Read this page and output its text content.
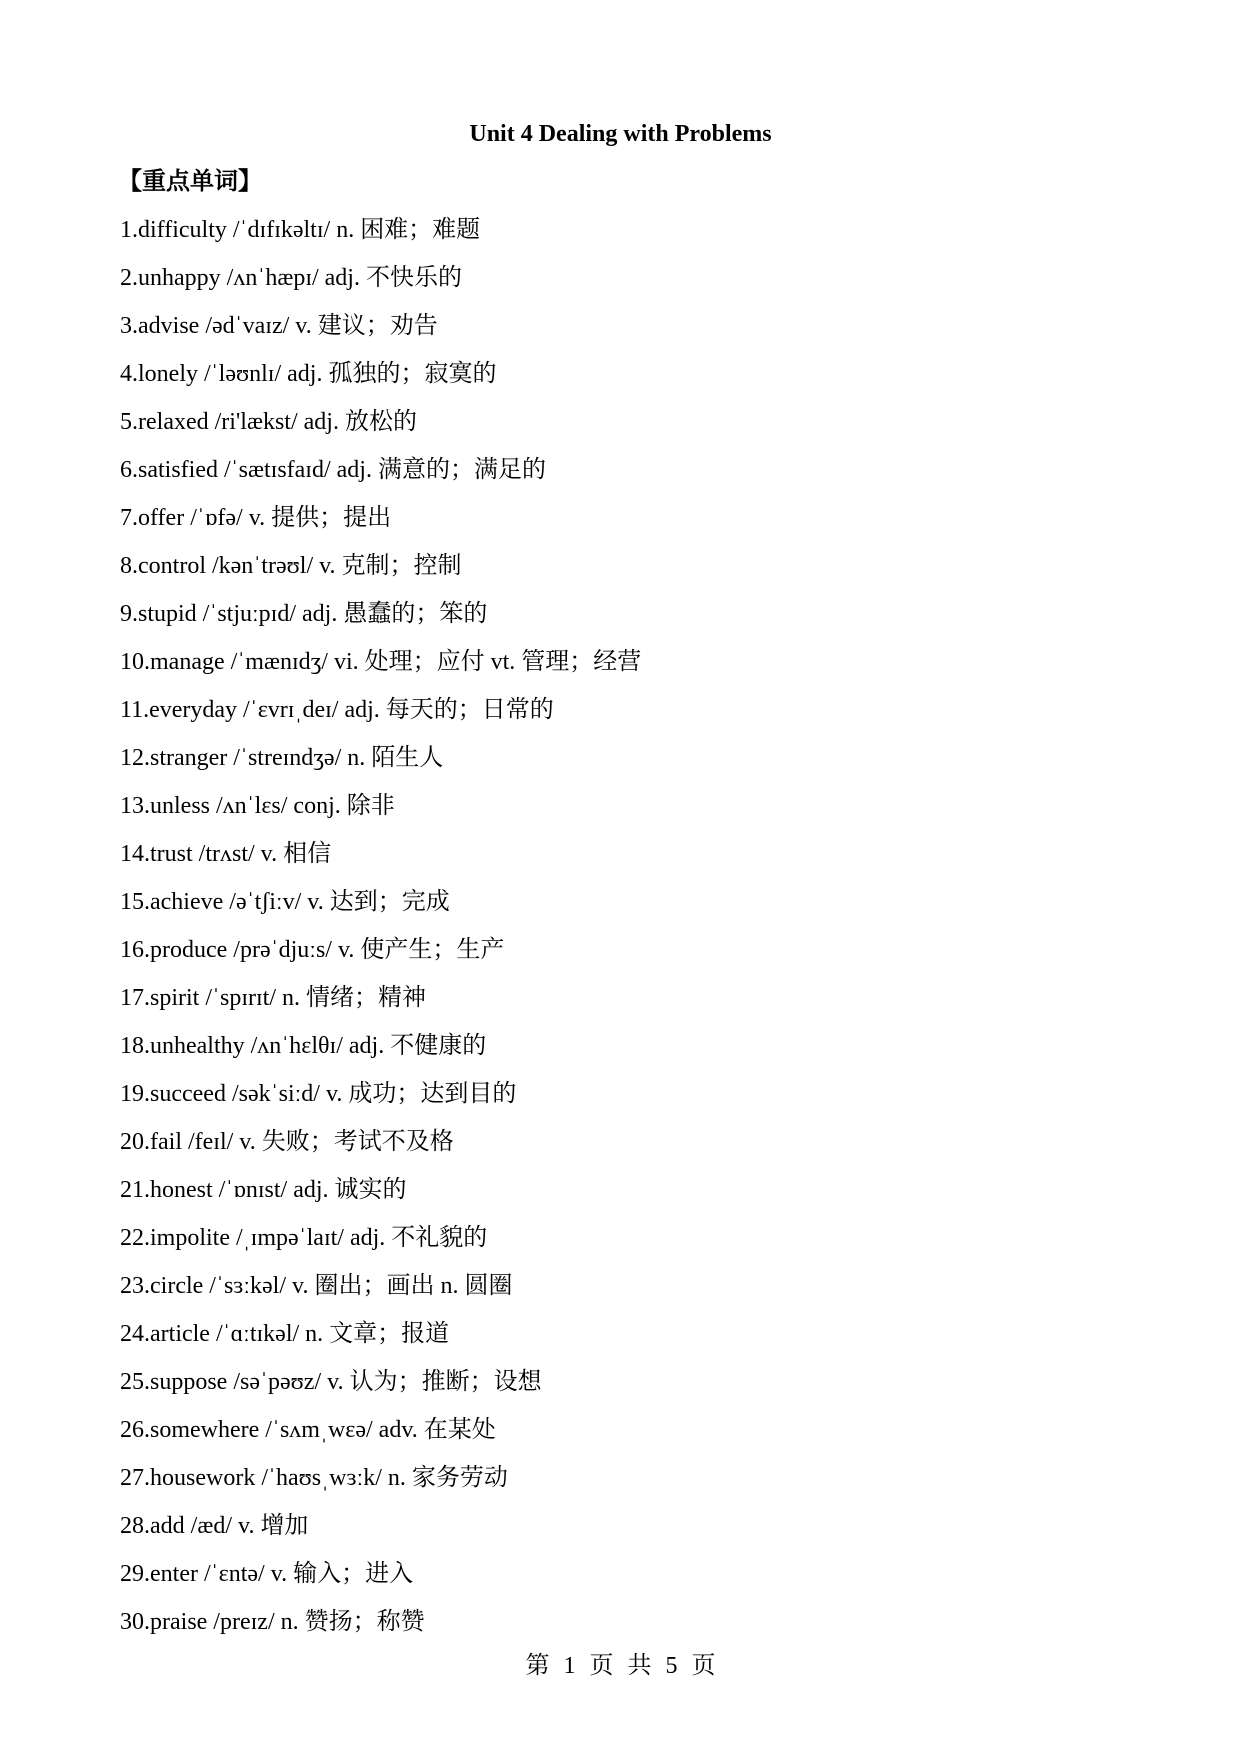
Unit 4 Dealing with Problems
【重点单词】
1.difficulty /ˈdɪfɪkəltɪ/ n. 困难；难题
2.unhappy /ʌnˈhæpɪ/ adj. 不快乐的
3.advise /ədˈvaɪz/ v. 建议；劝告
4.lonely /ˈləʊnlɪ/ adj. 孤独的；寂寞的
5.relaxed /ri'lækst/ adj. 放松的
6.satisfied /ˈsætɪsfaɪd/ adj. 满意的；满足的
7.offer /ˈɒfə/ v. 提供；提出
8.control /kənˈtrəʊl/ v. 克制；控制
9.stupid /ˈstjuːpɪd/ adj. 愚蠢的；笨的
10.manage /ˈmænɪdʒ/ vi. 处理；应付 vt. 管理；经营
11.everyday /ˈɛvrɪˌdeɪ/ adj. 每天的；日常的
12.stranger /ˈstreɪndʒə/ n. 陌生人
13.unless /ʌnˈlɛs/ conj. 除非
14.trust /trʌst/ v. 相信
15.achieve /əˈtʃiːv/ v. 达到；完成
16.produce /prəˈdjuːs/ v. 使产生；生产
17.spirit /ˈspɪrɪt/ n. 情绪；精神
18.unhealthy /ʌnˈhɛlθɪ/ adj. 不健康的
19.succeed /səkˈsiːd/ v. 成功；达到目的
20.fail /feɪl/ v. 失败；考试不及格
21.honest /ˈɒnɪst/ adj. 诚实的
22.impolite /ˌɪmpəˈlaɪt/ adj. 不礼貌的
23.circle /ˈsɜːkəl/ v. 圈出；画出 n. 圆圈
24.article /ˈɑːtɪkəl/ n. 文章；报道
25.suppose /səˈpəʊz/ v. 认为；推断；设想
26.somewhere /ˈsʌmˌwɛə/ adv. 在某处
27.housework /ˈhaʊsˌwɜːk/ n. 家务劳动
28.add /æd/ v. 增加
29.enter /ˈɛntə/ v. 输入；进入
30.praise /preɪz/ n. 赞扬；称赞
第 1 页 共 5 页
